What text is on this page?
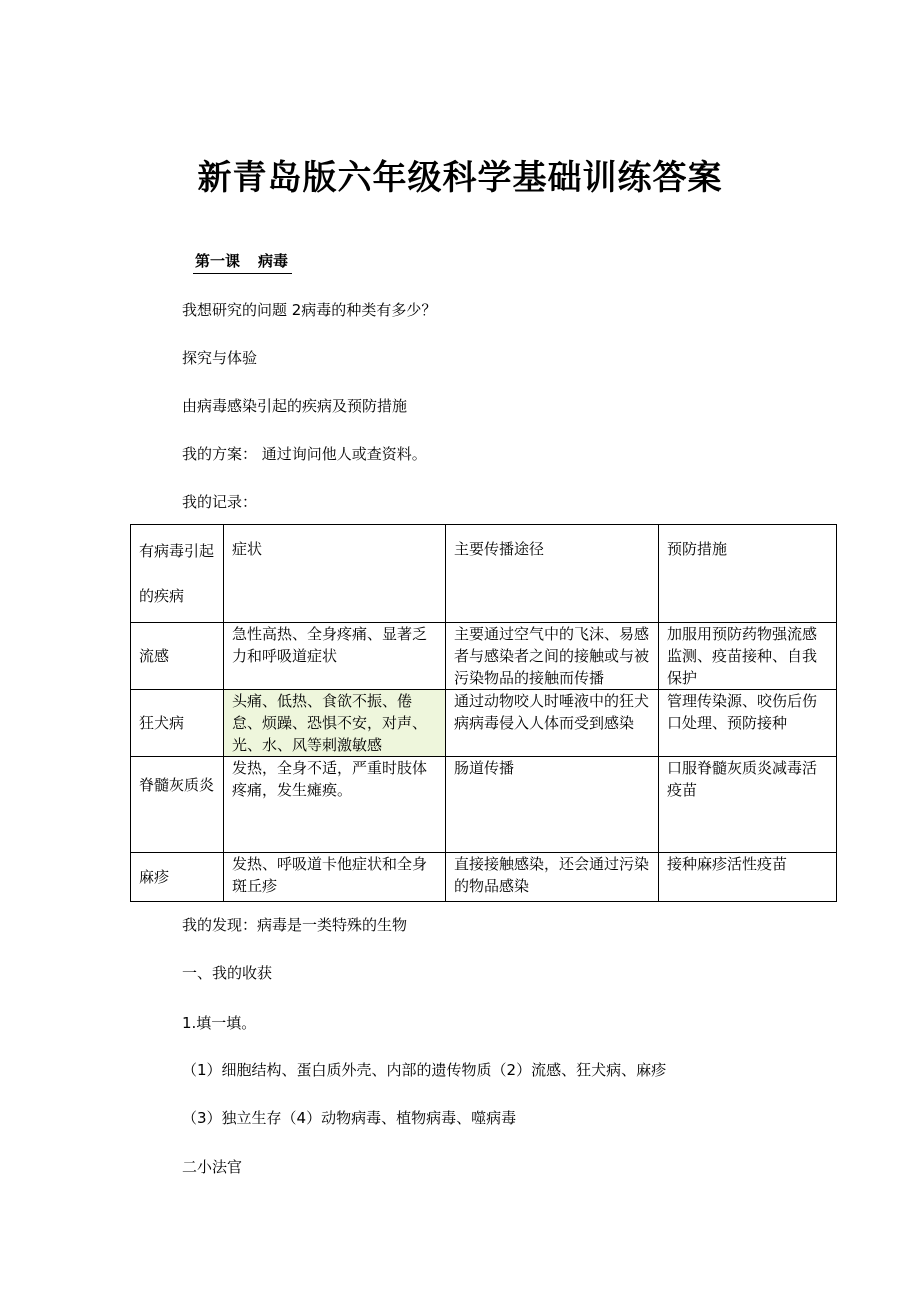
新青岛版六年级科学基础训练答案
第一课 病毒
我想研究的问题 2病毒的种类有多少？
探究与体验
由病毒感染引起的疾病及预防措施
我的方案： 通过询问他人或查资料。
我的记录：
有病毒引起的疾病	症状	主要传播途径	预防措施
流感	急性高热、全身疼痛、显著乏力和呼吸道症状	主要通过空气中的飞沫、易感者与感染者之间的接触或与被污染物品的接触而传播	加服用预防药物强流感监测、疫苗接种、自我保护
狂犬病	头痛、低热、食欲不振、倦怠、烦躁、恐惧不安，对声、光、水、风等刺激敏感	通过动物咬人时唾液中的狂犬病病毒侵入人体而受到感染	管理传染源、咬伤后伤口处理、预防接种
脊髓灰质炎	发热，全身不适，严重时肢体疼痛，发生瘫痪。	肠道传播	口服脊髓灰质炎减毒活疫苗
麻疹	发热、呼吸道卡他症状和全身斑丘疹	直接接触感染，还会通过污染的物品感染	接种麻疹活性疫苗
我的发现：病毒是一类特殊的生物
一、我的收获
1.填一填。
（1）细胞结构、蛋白质外壳、内部的遗传物质（2）流感、狂犬病、麻疹
（3）独立生存（4）动物病毒、植物病毒、噬病毒
二小法官
